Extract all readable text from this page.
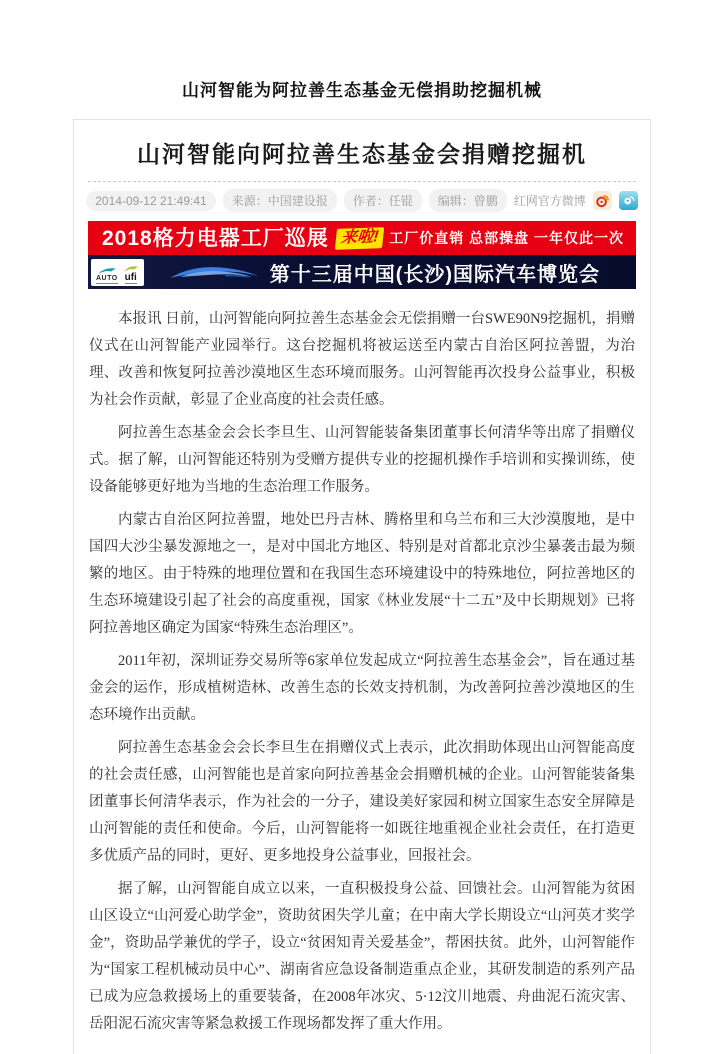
山河智能为阿拉善生态基金无偿捐助挖掘机械
山河智能向阿拉善生态基金会捐赠挖掘机
2014-09-12 21:49:41	来源：中国建设报	作者：任锟	编辑：曾鹏	红网官方微博
2018格力电器工厂巡展 来啦! 工厂价直销 总部操盘 一年仅此一次
AUTO ufi	第十三届中国(长沙)国际汽车博览会

本报讯 日前，山河智能向阿拉善生态基金会无偿捐赠一台SWE90N9挖掘机，捐赠仪式在山河智能产业园举行。这台挖掘机将被运送至内蒙古自治区阿拉善盟，为治理、改善和恢复阿拉善沙漠地区生态环境而服务。山河智能再次投身公益事业，积极为社会作贡献，彰显了企业高度的社会责任感。

阿拉善生态基金会会长李旦生、山河智能装备集团董事长何清华等出席了捐赠仪式。据了解，山河智能还特别为受赠方提供专业的挖掘机操作手培训和实操训练，使设备能够更好地为当地的生态治理工作服务。

内蒙古自治区阿拉善盟，地处巴丹吉林、腾格里和乌兰布和三大沙漠腹地，是中国四大沙尘暴发源地之一，是对中国北方地区、特别是对首都北京沙尘暴袭击最为频繁的地区。由于特殊的地理位置和在我国生态环境建设中的特殊地位，阿拉善地区的生态环境建设引起了社会的高度重视，国家《林业发展“十二五”及中长期规划》已将阿拉善地区确定为国家“特殊生态治理区”。

2011年初，深圳证券交易所等6家单位发起成立“阿拉善生态基金会”，旨在通过基金会的运作，形成植树造林、改善生态的长效支持机制，为改善阿拉善沙漠地区的生态环境作出贡献。

阿拉善生态基金会会长李旦生在捐赠仪式上表示，此次捐助体现出山河智能高度的社会责任感，山河智能也是首家向阿拉善基金会捐赠机械的企业。山河智能装备集团董事长何清华表示，作为社会的一分子，建设美好家园和树立国家生态安全屏障是山河智能的责任和使命。今后，山河智能将一如既往地重视企业社会责任，在打造更多优质产品的同时，更好、更多地投身公益事业，回报社会。

据了解，山河智能自成立以来，一直积极投身公益、回馈社会。山河智能为贫困山区设立“山河爱心助学金”，资助贫困失学儿童；在中南大学长期设立“山河英才奖学金”，资助品学兼优的学子，设立“贫困知青关爱基金”，帮困扶贫。此外，山河智能作为“国家工程机械动员中心”、湖南省应急设备制造重点企业，其研发制造的系列产品已成为应急救援场上的重要装备，在2008年冰灾、5·12汶川地震、舟曲泥石流灾害、岳阳泥石流灾害等紧急救援工作现场都发挥了重大作用。
